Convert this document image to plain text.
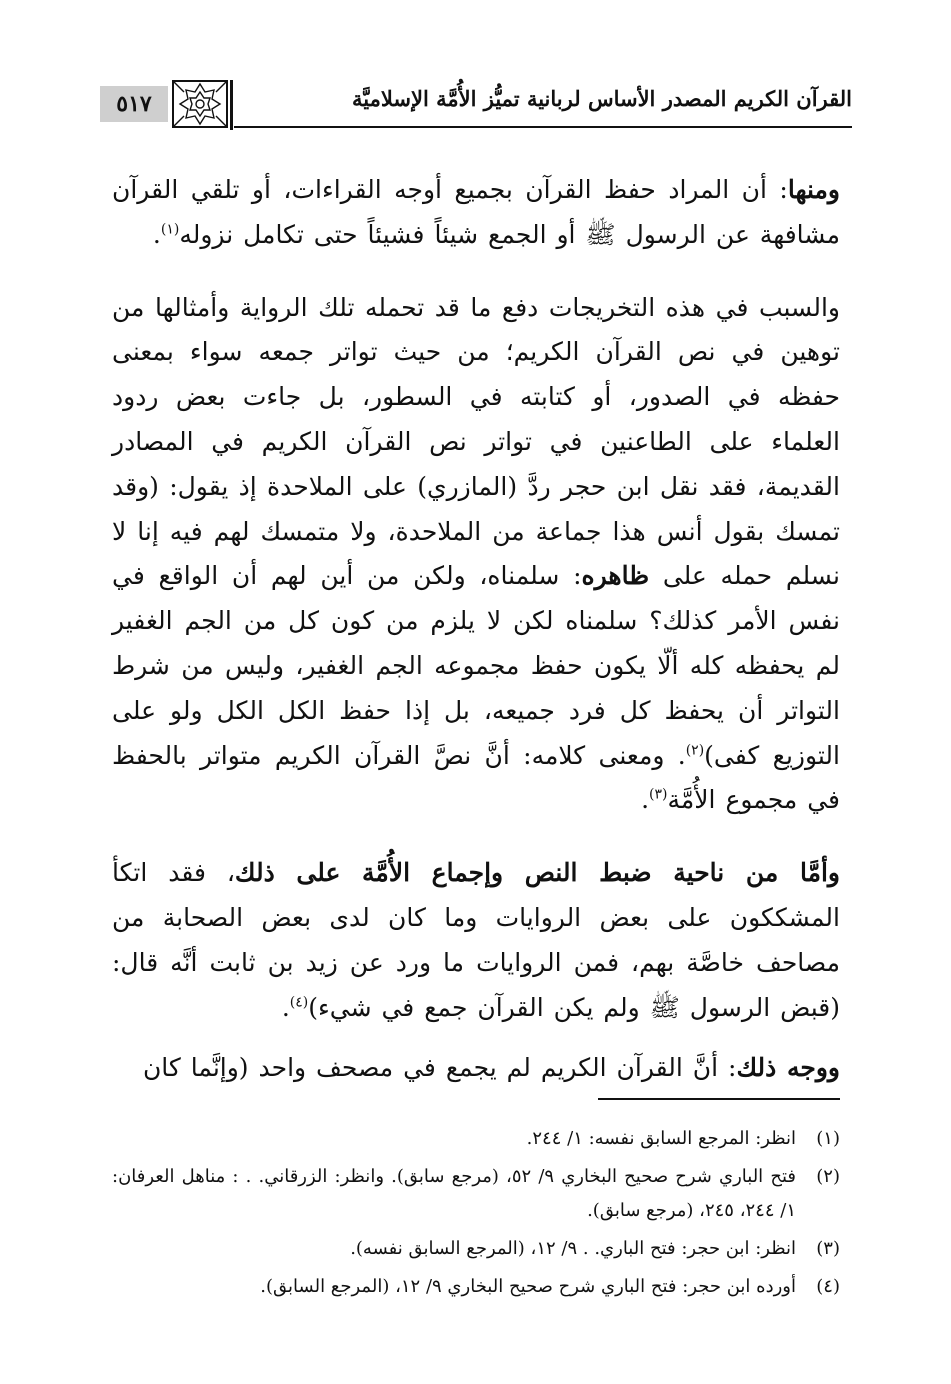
القرآن الكريم المصدر الأساس لربانية تميُّز الأُمَّة الإسلاميَّة
٥١٧

ومنها: أن المراد حفظ القرآن بجميع أوجه القراءات، أو تلقي القرآن مشافهة عن الرسول ﷺ أو الجمع شيئاً فشيئاً حتى تكامل نزوله$^{(١)}$.

والسبب في هذه التخريجات دفع ما قد تحمله تلك الرواية وأمثالها من توهين في نص القرآن الكريم؛ من حيث تواتر جمعه سواء بمعنى حفظه في الصدور، أو كتابته في السطور، بل جاءت بعض ردود العلماء على الطاعنين في تواتر نص القرآن الكريم في المصادر القديمة، فقد نقل ابن حجر ردَّ (المازري) على الملاحدة إذ يقول: (وقد تمسك بقول أنس هذا جماعة من الملاحدة، ولا متمسك لهم فيه إنا لا نسلم حمله على ظاهره: سلمناه، ولكن من أين لهم أن الواقع في نفس الأمر كذلك؟ سلمناه لكن لا يلزم من كون كل من الجم الغفير لم يحفظه كله ألّا يكون حفظ مجموعه الجم الغفير، وليس من شرط التواتر أن يحفظ كل فرد جميعه، بل إذا حفظ الكل الكل ولو على التوزيع كفى)$^{(٢)}$. ومعنى كلامه: أنَّ نصَّ القرآن الكريم متواتر بالحفظ في مجموع الأُمَّة$^{(٣)}$.

وأمَّا من ناحية ضبط النص وإجماع الأُمَّة على ذلك، فقد اتكأ المشككون على بعض الروايات وما كان لدى بعض الصحابة من مصاحف خاصَّة بهم، فمن الروايات ما ورد عن زيد بن ثابت أنَّه قال: (قبض الرسول ﷺ ولم يكن القرآن جمع في شيء)$^{(٤)}$.

ووجه ذلك: أنَّ القرآن الكريم لم يجمع في مصحف واحد (وإنَّما كان

(١)
انظر: المرجع السابق نفسه: ١/ ٢٤٤.
(٢)
فتح الباري شرح صحيح البخاري ٩/ ٥٢، (مرجع سابق). وانظر: الزرقاني. . : مناهل العرفان: ١/ ٢٤٤، ٢٤٥، (مرجع سابق).
(٣)
انظر: ابن حجر: فتح الباري. . ٩/ ١٢، (المرجع السابق نفسه).
(٤)
أورده ابن حجر: فتح الباري شرح صحيح البخاري ٩/ ١٢، (المرجع السابق).
